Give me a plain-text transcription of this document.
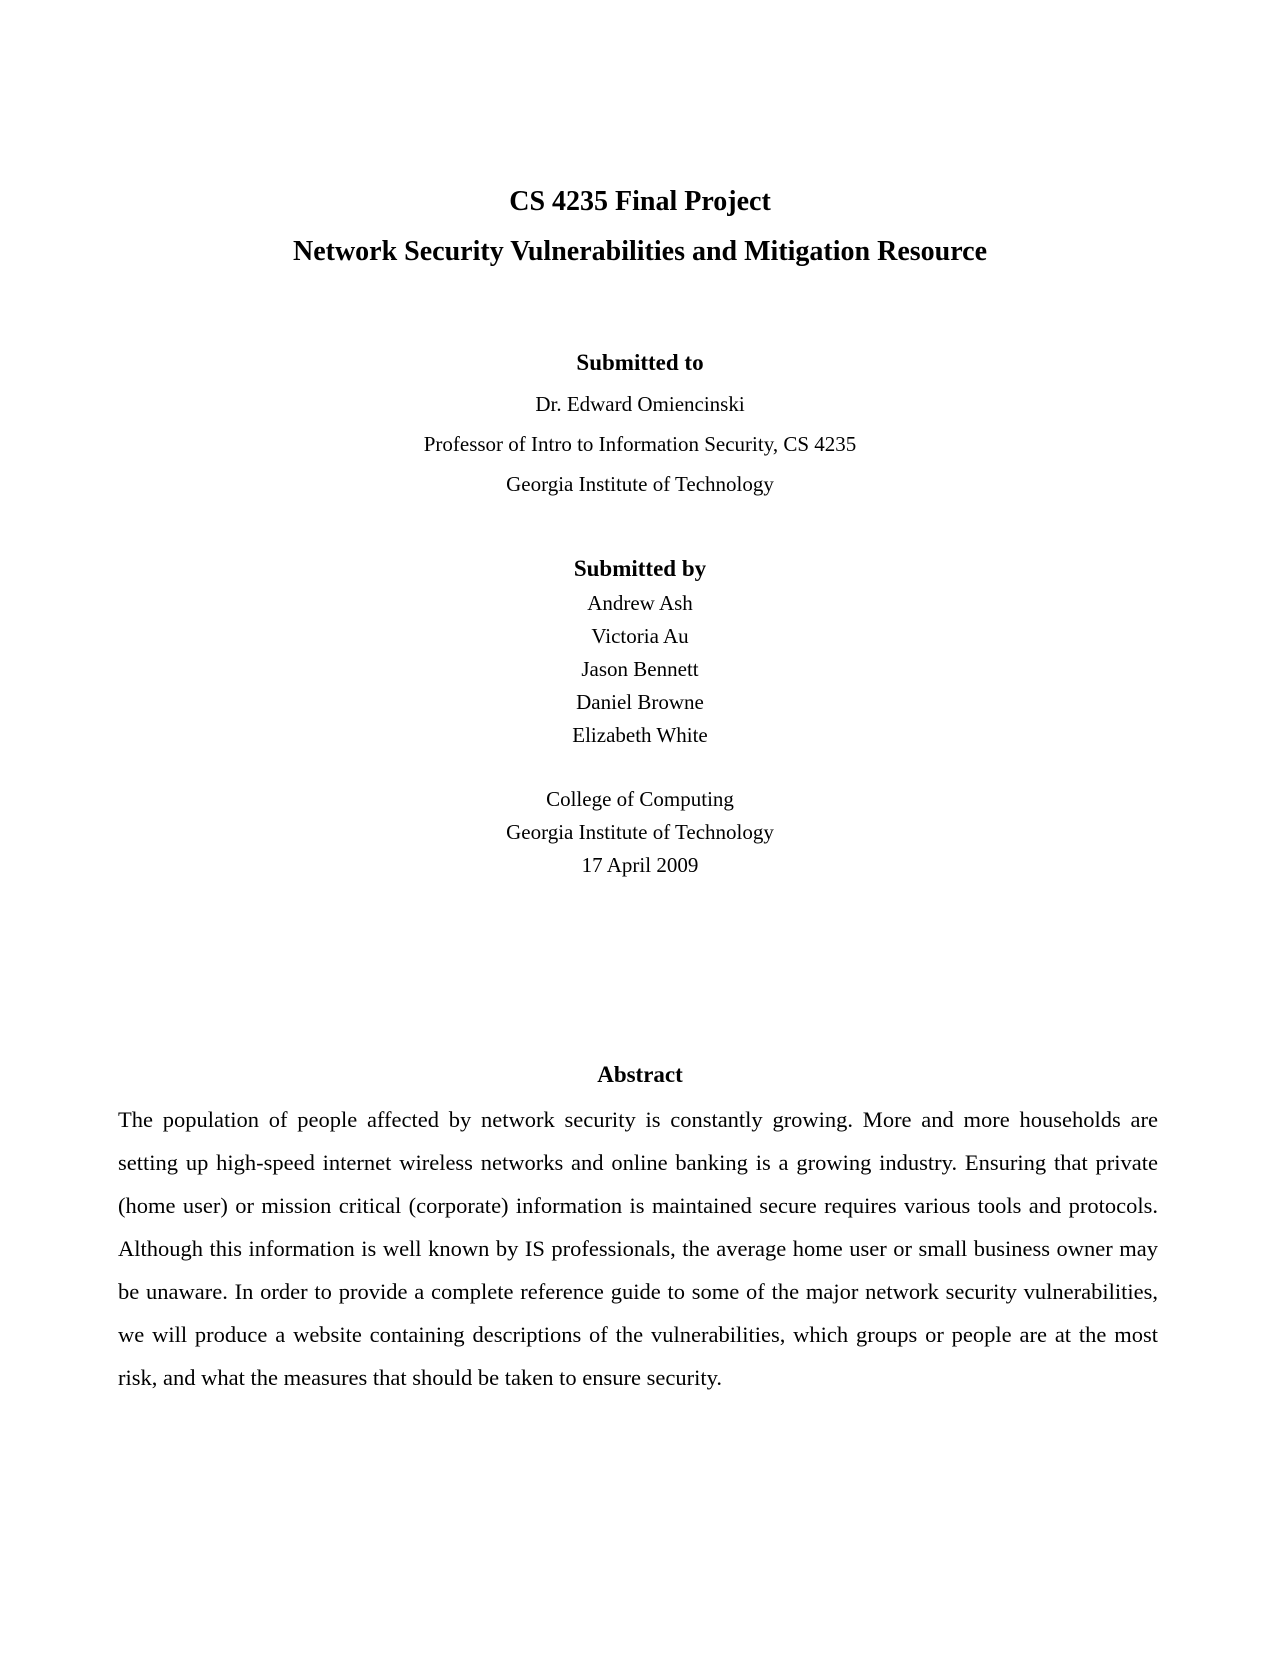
CS 4235 Final Project
Network Security Vulnerabilities and Mitigation Resource
Submitted to
Dr. Edward Omiencinski
Professor of Intro to Information Security, CS 4235
Georgia Institute of Technology
Submitted by
Andrew Ash
Victoria Au
Jason Bennett
Daniel Browne
Elizabeth White
College of Computing
Georgia Institute of Technology
17 April 2009
Abstract
The population of people affected by network security is constantly growing. More and more households are setting up high-speed internet wireless networks and online banking is a growing industry. Ensuring that private (home user) or mission critical (corporate) information is maintained secure requires various tools and protocols. Although this information is well known by IS professionals, the average home user or small business owner may be unaware. In order to provide a complete reference guide to some of the major network security vulnerabilities, we will produce a website containing descriptions of the vulnerabilities, which groups or people are at the most risk, and what the measures that should be taken to ensure security.
